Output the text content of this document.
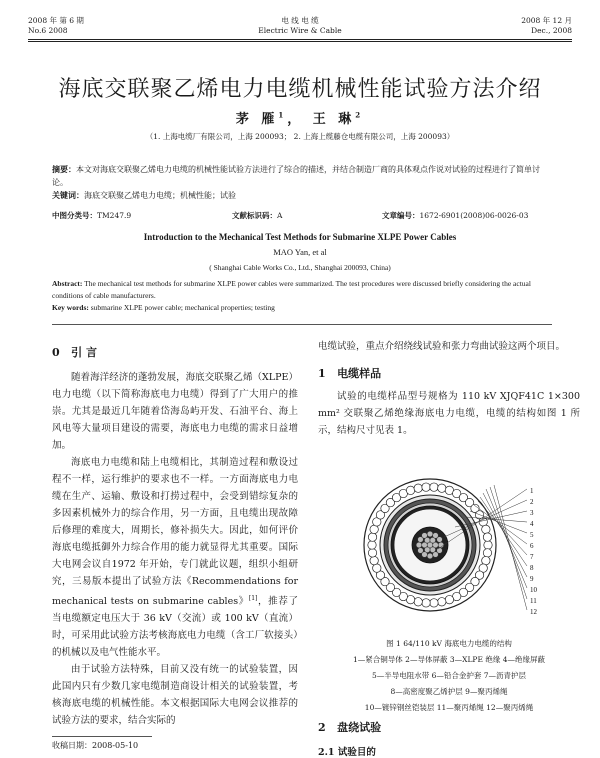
2008 年 第 6 期
No.6 2008
电 线 电 缆
Electric Wire & Cable
2008 年 12 月
Dec., 2008
海底交联聚乙烯电力电缆机械性能试验方法介绍
茅 雁$^1$， 王 琳$^2$
（1. 上海电缆厂有限公司，上海 200093； 2. 上海上缆藤仓电缆有限公司，上海 200093）
摘要：本文对海底交联聚乙烯电力电缆的机械性能试验方法进行了综合的描述，并结合制造厂商的具体观点作说对试验的过程进行了简单讨论。
关键词：海底交联聚乙烯电力电缆；机械性能；试验
中图分类号：TM247.9	文献标识码：A	文章编号：1672-6901(2008)06-0026-03
Introduction to the Mechanical Test Methods for Submarine XLPE Power Cables
MAO Yan, et al
( Shanghai Cable Works Co., Ltd., Shanghai 200093, China)
Abstract: The mechanical test methods for submarine XLPE power cables were summarized. The test procedures were discussed briefly considering the actual conditions of cable manufacturers.
Key words: submarine XLPE power cable; mechanical properties; testing
0 引 言

随着海洋经济的蓬勃发展，海底交联聚乙烯（XLPE）电力电缆（以下简称海底电力电缆）得到了广大用户的推崇。尤其是最近几年随着岱海岛屿开发、石油平台、海上风电等大量项目建设的需要，海底电力电缆的需求日益增加。

海底电力电缆和陆上电缆相比，其制造过程和敷设过程不一样，运行维护的要求也不一样。一方面海底电力电缆在生产、运输、敷设和打捞过程中，会受到错综复杂的多因素机械外力的综合作用，另一方面，且电缆出现故障后修理的难度大，周期长，修补损失大。因此，如何评价海底电缆抵御外力综合作用的能力就显得尤其重要。国际大电网会议自1972 年开始，专门就此议题，组织小组研究，三易版本提出了试验方法《Recommendations for mechanical tests on submarine cables》[1]，推荐了当电缆额定电压大于 36 kV（交流）或 100 kV（直流）时，可采用此试验方法考核海底电力电缆（含工厂软接头）的机械以及电气性能水平。

由于试验方法特殊，目前又没有统一的试验装置，因此国内只有少数几家电缆制造商设计相关的试验装置，考核海底电缆的机械性能。本文根据国际大电网会议推荐的试验方法的要求，结合实际的

收稿日期：2008-05-10

电缆试验，重点介绍绕线试验和张力弯曲试验这两个项目。

1 电缆样品

试验的电缆样品型号规格为 110 kV XJQF41C 1×300 mm² 交联聚乙烯绝缘海底电力电缆，电缆的结构如图 1 所示，结构尺寸见表 1。

1
2
3
4
5
6
7
8
9
10
11
12
图 1 64/110 kV 海底电力电缆的结构
1—紧合铜导体 2—导体屏蔽 3—XLPE 绝缘 4—绝缘屏蔽
5—半导电阻水带 6—铅合金护套 7—沥青护层
8—高密度聚乙烯护层 9—聚丙烯绳
10—镀锌钢丝铠装层 11—聚丙烯绳 12—聚丙烯绳
2 盘绕试验
2.1 试验目的
